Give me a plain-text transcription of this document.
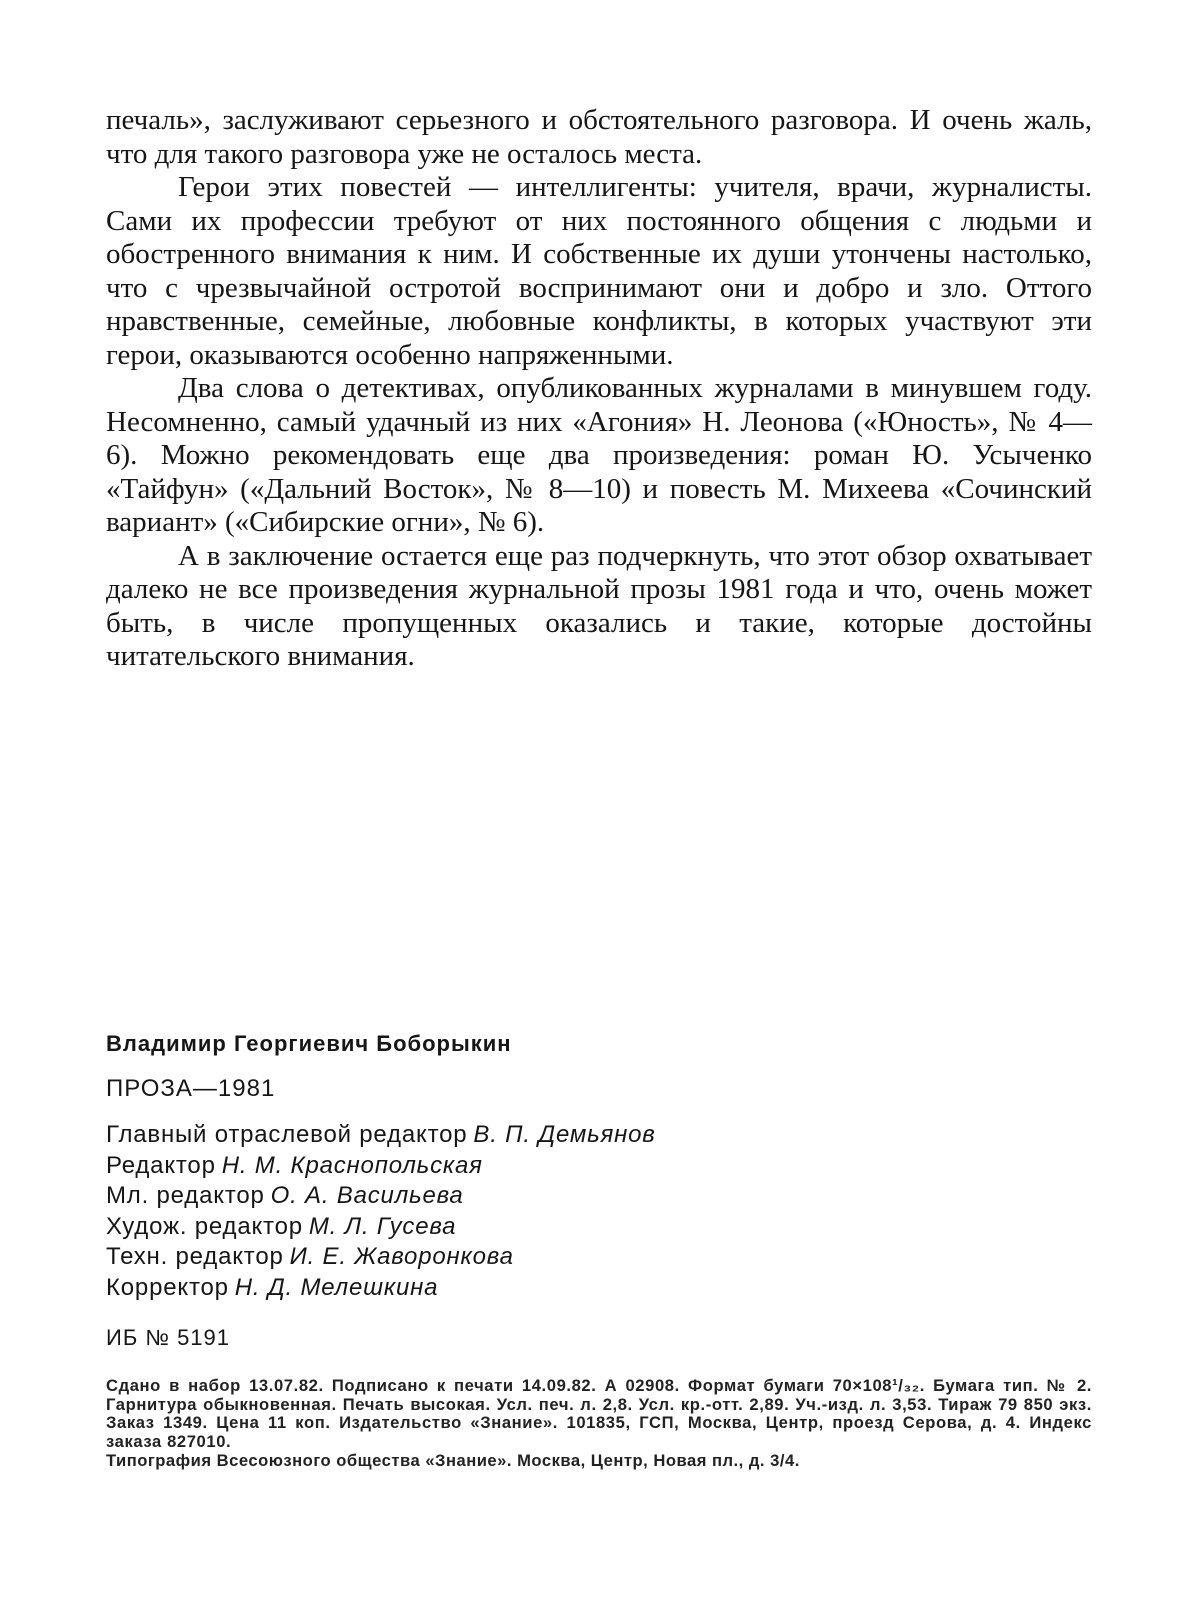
печаль», заслуживают серьезного и обстоятельного разговора. И очень жаль, что для такого разговора уже не осталось места.

Герои этих повестей — интеллигенты: учителя, врачи, журналисты. Сами их профессии требуют от них постоянного общения с людьми и обостренного внимания к ним. И собственные их души утончены настолько, что с чрезвычайной остротой воспринимают они и добро и зло. Оттого нравственные, семейные, любовные конфликты, в которых участвуют эти герои, оказываются особенно напряженными.

Два слова о детективах, опубликованных журналами в минувшем году. Несомненно, самый удачный из них «Агония» Н. Леонова («Юность», № 4—6). Можно рекомендовать еще два произведения: роман Ю. Усыченко «Тайфун» («Дальний Восток», № 8—10) и повесть М. Михеева «Сочинский вариант» («Сибирские огни», № 6).

А в заключение остается еще раз подчеркнуть, что этот обзор охватывает далеко не все произведения журнальной прозы 1981 года и что, очень может быть, в числе пропущенных оказались и такие, которые достойны читательского внимания.

Владимир Георгиевич Боборыкин
ПРОЗА—1981
Главный отраслевой редактор В. П. Демьянов
Редактор Н. М. Краснопольская
Мл. редактор О. А. Васильева
Худож. редактор М. Л. Гусева
Техн. редактор И. Е. Жаворонкова
Корректор Н. Д. Мелешкина
ИБ № 5191
Сдано в набор 13.07.82. Подписано к печати 14.09.82. А 02908. Формат бумаги 70×108¹/₃₂. Бумага тип. № 2. Гарнитура обыкновенная. Печать высокая. Усл. печ. л. 2,8. Усл. кр.-отт. 2,89. Уч.-изд. л. 3,53. Тираж 79 850 экз. Заказ 1349. Цена 11 коп. Издательство «Знание». 101835, ГСП, Москва, Центр, проезд Серова, д. 4. Индекс заказа 827010.
Типография Всесоюзного общества «Знание». Москва, Центр, Новая пл., д. 3/4.
